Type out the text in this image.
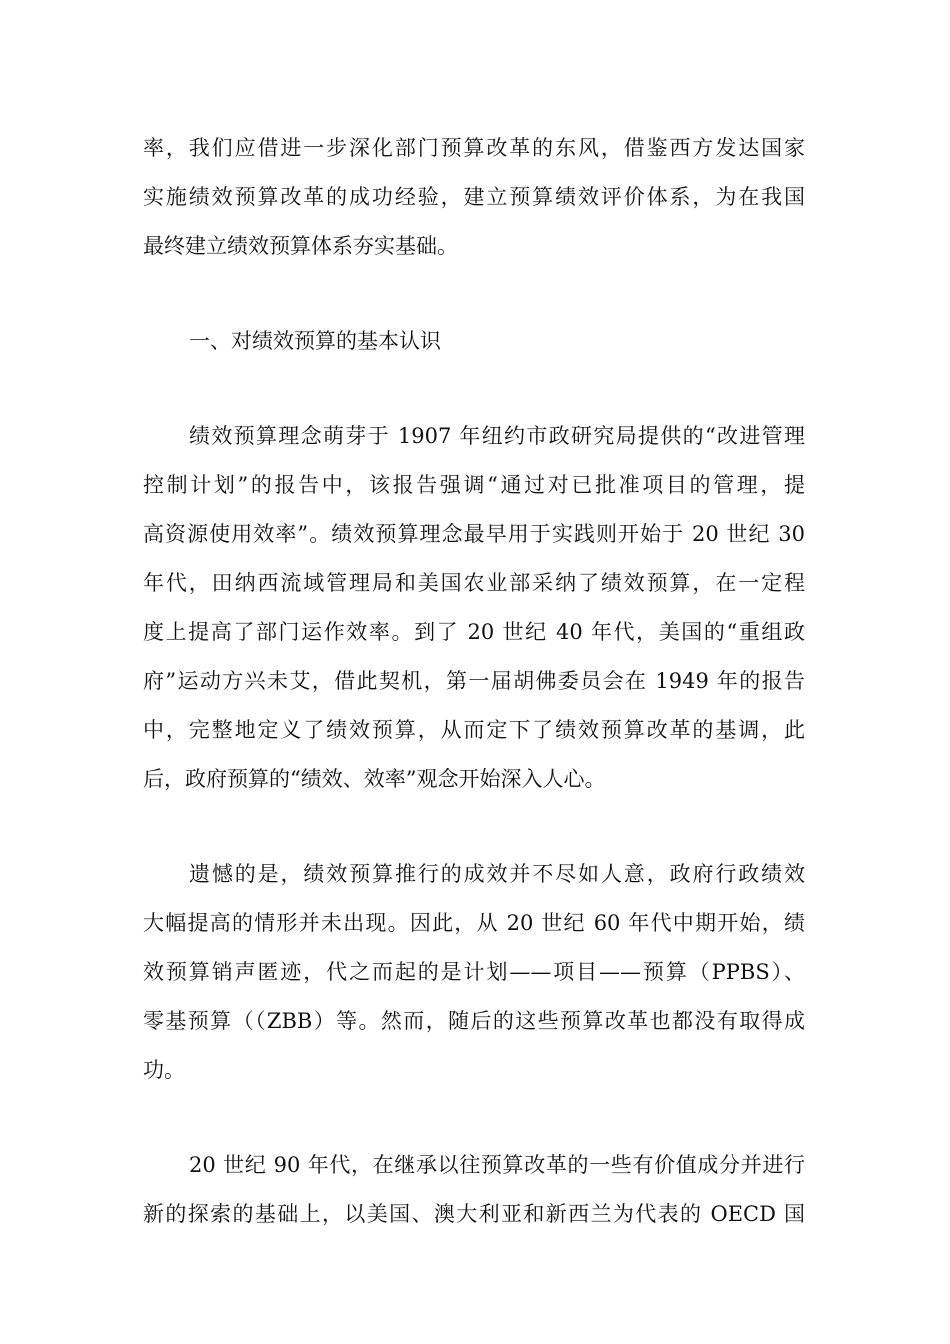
率，我们应借进一步深化部门预算改革的东风，借鉴西方发达国家
实施绩效预算改革的成功经验，建立预算绩效评价体系，为在我国
最终建立绩效预算体系夯实基础。
一、对绩效预算的基本认识
绩效预算理念萌芽于 1907 年纽约市政研究局提供的“改进管理
控制计划”的报告中，该报告强调“通过对已批准项目的管理，提
高资源使用效率”。绩效预算理念最早用于实践则开始于 20 世纪 30
年代，田纳西流域管理局和美国农业部采纳了绩效预算，在一定程
度上提高了部门运作效率。到了 20 世纪 40 年代，美国的“重组政
府”运动方兴未艾，借此契机，第一届胡佛委员会在 1949 年的报告
中，完整地定义了绩效预算，从而定下了绩效预算改革的基调，此
后，政府预算的“绩效、效率”观念开始深入人心。
遗憾的是，绩效预算推行的成效并不尽如人意，政府行政绩效
大幅提高的情形并未出现。因此，从 20 世纪 60 年代中期开始，绩
效预算销声匿迹，代之而起的是计划——项目——预算（PPBS）、
零基预算（（ZBB）等。然而，随后的这些预算改革也都没有取得成
功。
20 世纪 90 年代，在继承以往预算改革的一些有价值成分并进行
新的探索的基础上，以美国、澳大利亚和新西兰为代表的 OECD 国
